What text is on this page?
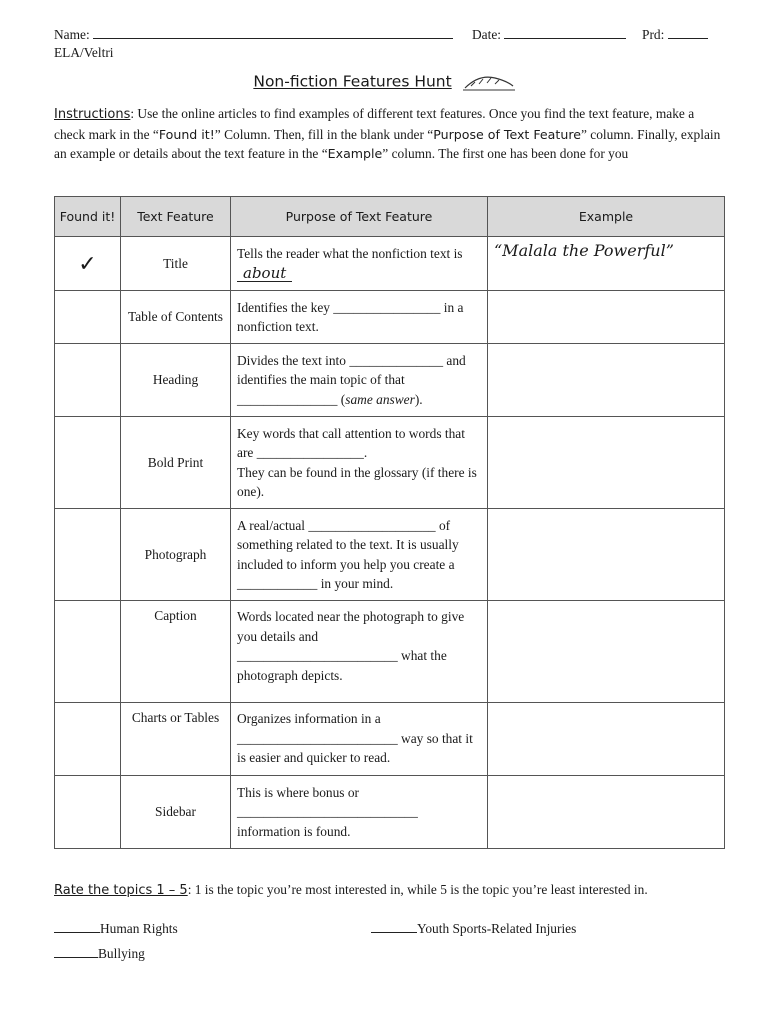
Name:	Date:	Prd:
ELA/Veltri
Non-fiction Features Hunt
Instructions: Use the online articles to find examples of different text features. Once you find the text feature, make a check mark in the “Found it!” Column. Then, fill in the blank under “Purpose of Text Feature” column. Finally, explain an example or details about the text feature in the “Example” column. The first one has been done for you
Found it!	Text Feature	Purpose of Text Feature	Example
✓	Title	Tells the reader what the nonfiction text is about	“Malala the Powerful”
	Table of Contents	Identifies the key ________________ in a nonfiction text.	
	Heading	Divides the text into ______________ and identifies the main topic of that _______________ (same answer).	
	Bold Print	Key words that call attention to words that are ________________.
They can be found in the glossary (if there is one).	
	Photograph	A real/actual ___________________ of something related to the text. It is usually included to inform you help you create a ____________ in your mind.	
	Caption	Words located near the photograph to give you details and ________________________ what the photograph depicts.	
	Charts or Tables	Organizes information in a ________________________ way so that it is easier and quicker to read.	
	Sidebar	This is where bonus or ___________________________ information is found.	
Rate the topics 1 – 5: 1 is the topic you’re most interested in, while 5 is the topic you’re least interested in.
Human Rights	Youth Sports-Related Injuries
Bullying
